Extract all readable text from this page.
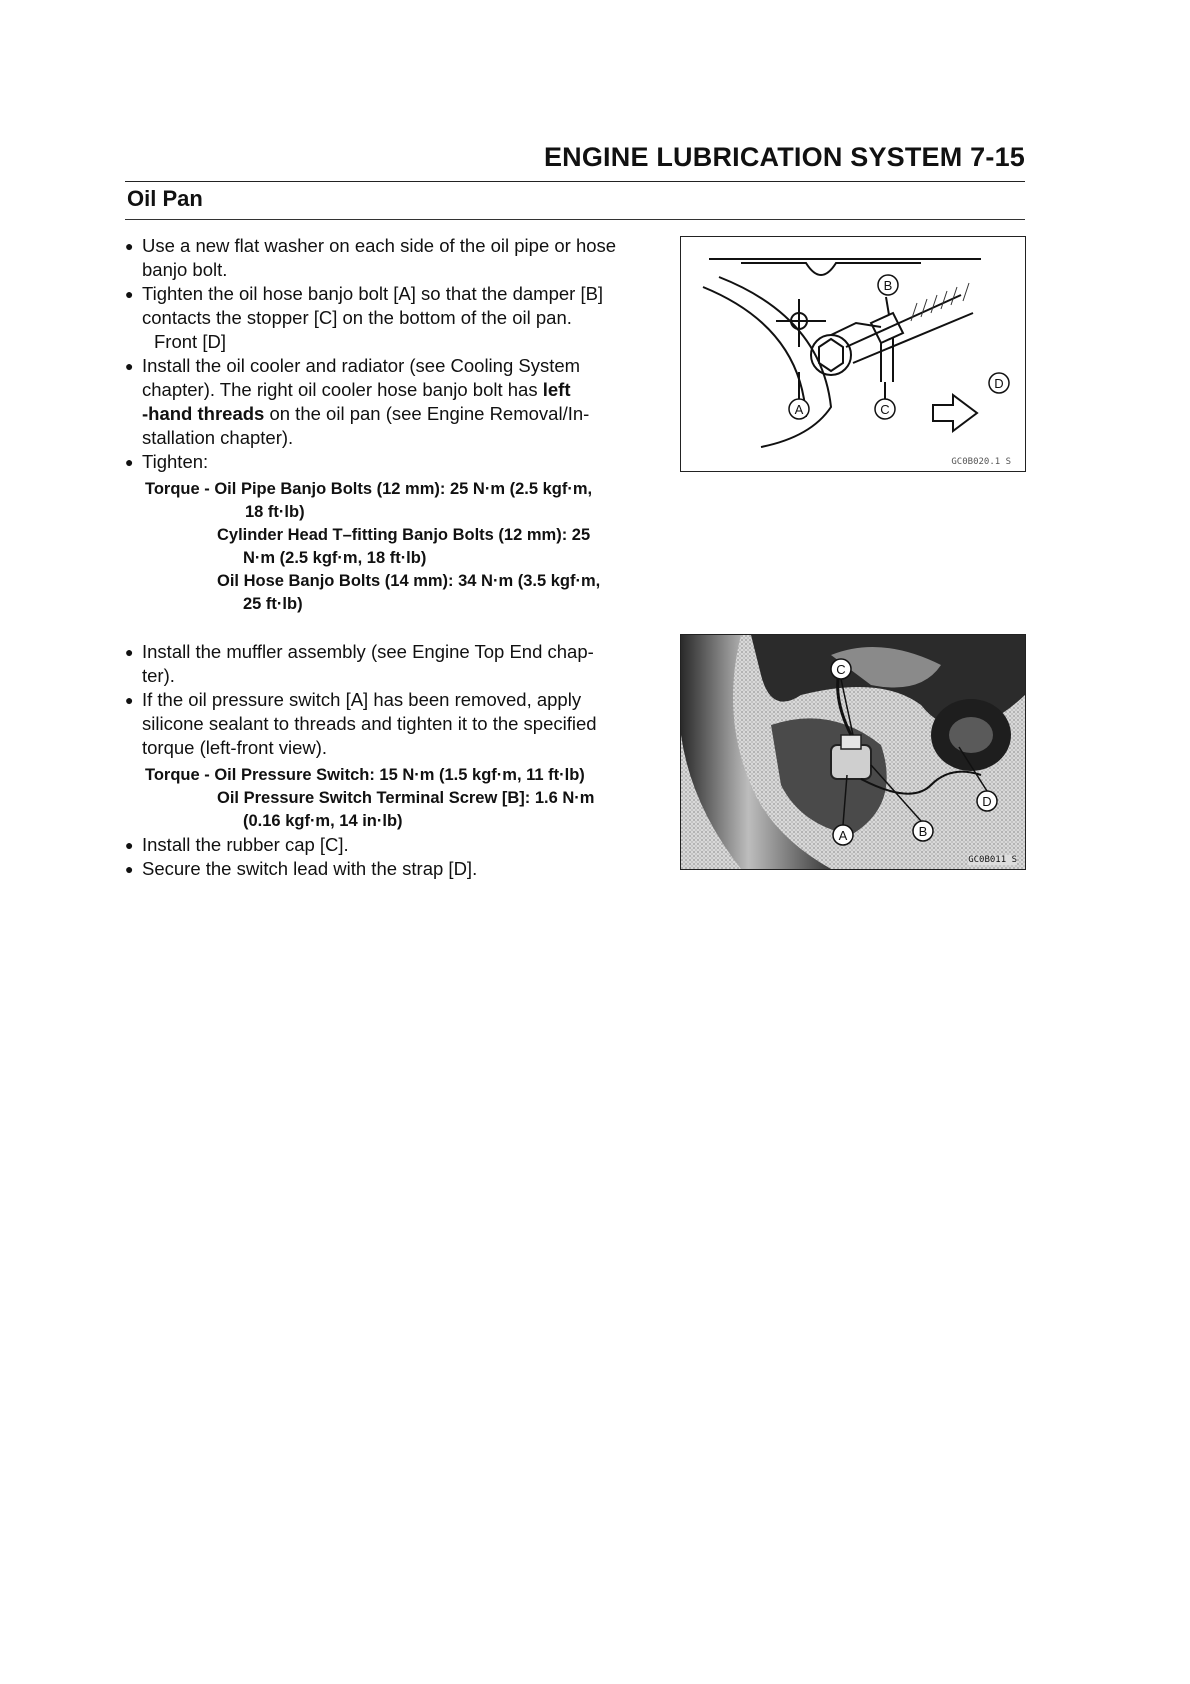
ENGINE LUBRICATION SYSTEM 7-15
Oil Pan
● Use a new flat washer on each side of the oil pipe or hose
banjo bolt.
● Tighten the oil hose banjo bolt [A] so that the damper [B]
contacts the stopper [C] on the bottom of the oil pan.
Front [D]
● Install the oil cooler and radiator (see Cooling System
chapter). The right oil cooler hose banjo bolt has left
-hand threads on the oil pan (see Engine Removal/In-
stallation chapter).
● Tighten:
Torque - Oil Pipe Banjo Bolts (12 mm): 25 N·m (2.5 kgf·m,
18 ft·lb)
Cylinder Head T–fitting Banjo Bolts (12 mm): 25
N·m (2.5 kgf·m, 18 ft·lb)
Oil Hose Banjo Bolts (14 mm): 34 N·m (3.5 kgf·m,
25 ft·lb)
● Install the muffler assembly (see Engine Top End chap-
ter).
● If the oil pressure switch [A] has been removed, apply
silicone sealant to threads and tighten it to the specified
torque (left-front view).
Torque - Oil Pressure Switch: 15 N·m (1.5 kgf·m, 11 ft·lb)
Oil Pressure Switch Terminal Screw [B]: 1.6 N·m
(0.16 kgf·m, 14 in·lb)
● Install the rubber cap [C].
● Secure the switch lead with the strap [D].
B
A	C
D
GC0B020.1 S
C
A	B
D
GC0B011 S
